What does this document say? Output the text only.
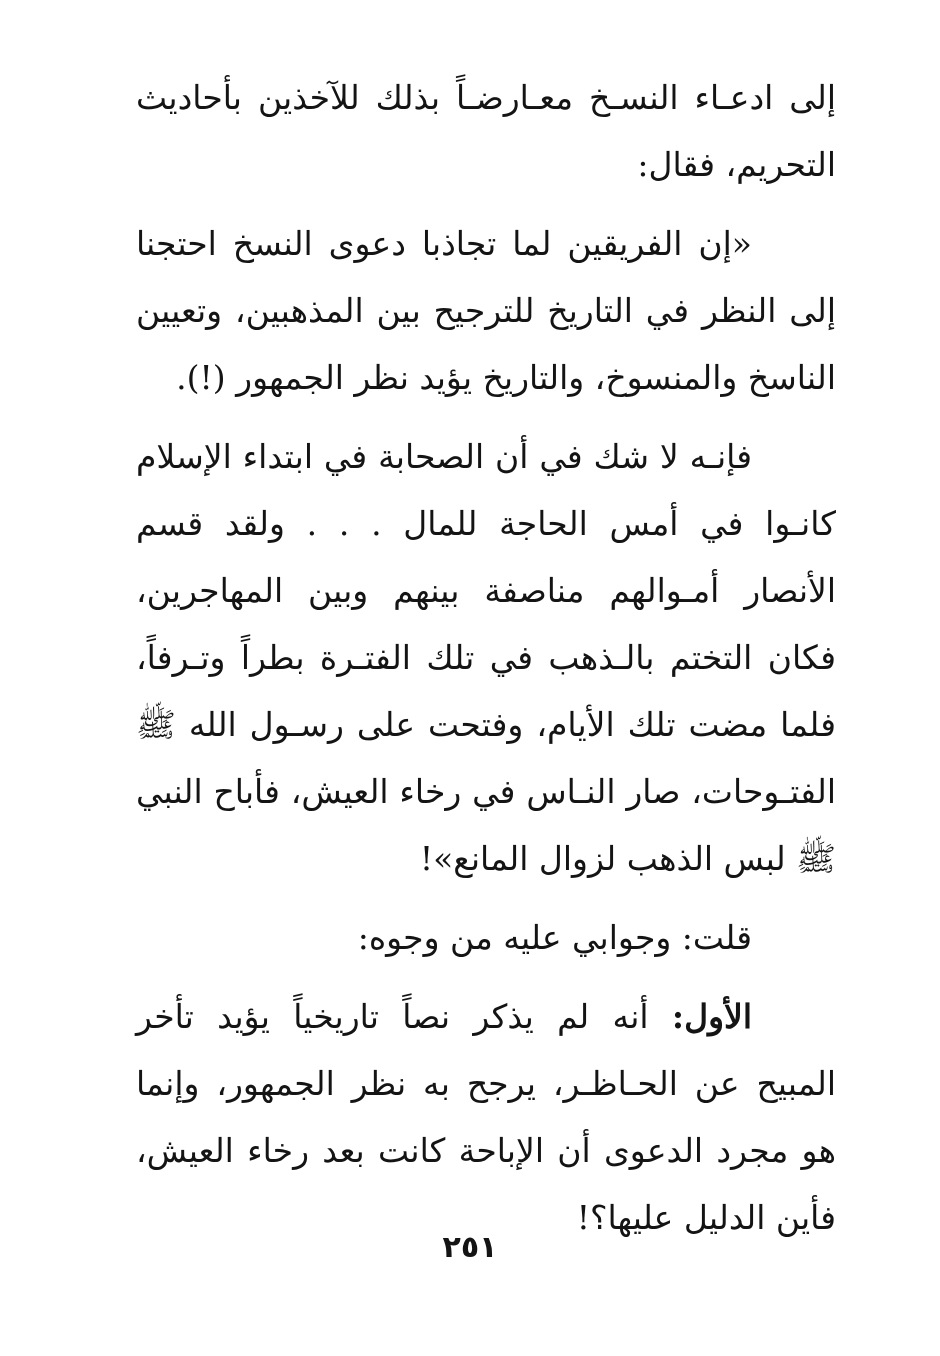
إلى ادعـاء النسـخ معـارضـاً بذلك للآخذين بأحاديث التحريم، فقال:

«إن الفريقين لما تجاذبا دعوى النسخ احتجنا إلى النظر في التاريخ للترجيح بين المذهبين، وتعيين الناسخ والمنسوخ، والتاريخ يؤيد نظر الجمهور (!).

فإنـه لا شك في أن الصحابة في ابتداء الإسلام كانـوا في أمس الحاجة للمال . . . ولقد قسم الأنصار أمـوالهم مناصفة بينهم وبين المهاجرين، فكان التختم بالـذهب في تلك الفتـرة بطراً وتـرفاً، فلما مضت تلك الأيام، وفتحت على رسـول الله ﷺ الفتـوحات، صار النـاس في رخاء العيش، فأباح النبي ﷺ لبس الذهب لزوال المانع»!

قلت: وجوابي عليه من وجوه:

الأول: أنه لم يذكر نصاً تاريخياً يؤيد تأخر المبيح عن الحـاظـر، يرجح به نظر الجمهور، وإنما هو مجرد الدعوى أن الإباحة كانت بعد رخاء العيش، فأين الدليل عليها؟!

٢٥١
